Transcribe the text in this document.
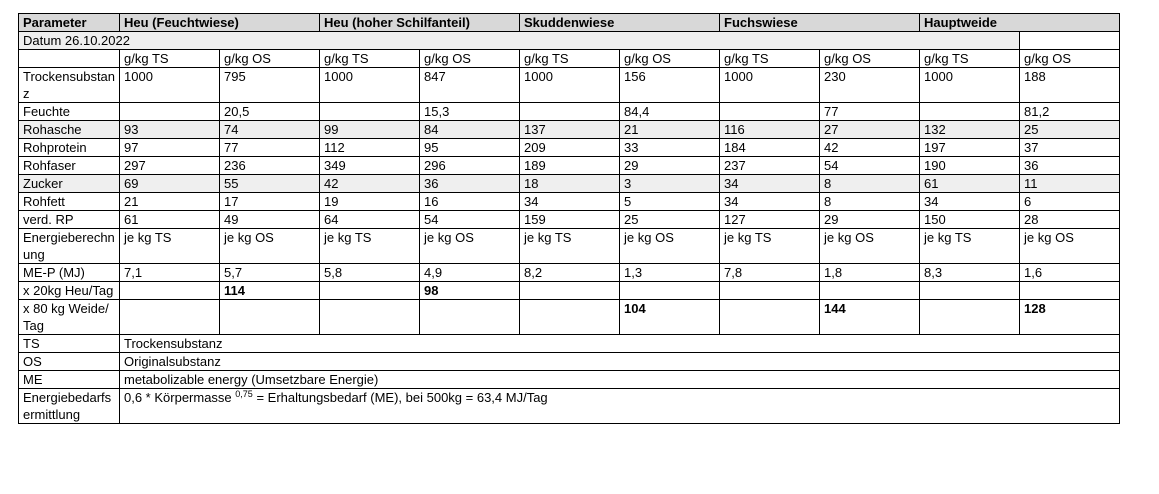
Parameter	Heu (Feuchtwiese)		Heu (hoher Schilfanteil)		Skuddenwiese		Fuchswiese		Hauptweide	
Datum 26.10.2022										
	g/kg TS	g/kg OS	g/kg TS	g/kg OS	g/kg TS	g/kg OS	g/kg TS	g/kg OS	g/kg TS	g/kg OS
Trockensubstanz	1000	795	1000	847	1000	156	1000	230	1000	188
Feuchte		20,5		15,3		84,4		77		81,2
Rohasche	93	74	99	84	137	21	116	27	132	25
Rohprotein	97	77	112	95	209	33	184	42	197	37
Rohfaser	297	236	349	296	189	29	237	54	190	36
Zucker	69	55	42	36	18	3	34	8	61	11
Rohfett	21	17	19	16	34	5	34	8	34	6
verd. RP	61	49	64	54	159	25	127	29	150	28
Energieberechnung	je kg TS	je kg OS	je kg TS	je kg OS	je kg TS	je kg OS	je kg TS	je kg OS	je kg TS	je kg OS
ME-P (MJ)	7,1	5,7	5,8	4,9	8,2	1,3	7,8	1,8	8,3	1,6
x 20kg Heu/Tag		114		98						
x 80 kg Weide/Tag						104		144		128
TS	Trockensubstanz									
OS	Originalsubstanz									
ME	metabolizable energy (Umsetzbare Energie)									
Energiebedarfsermittlung	0,6 * Körpermasse $^{0,75}$ = Erhaltungsbedarf (ME), bei 500kg = 63,4 MJ/Tag									
